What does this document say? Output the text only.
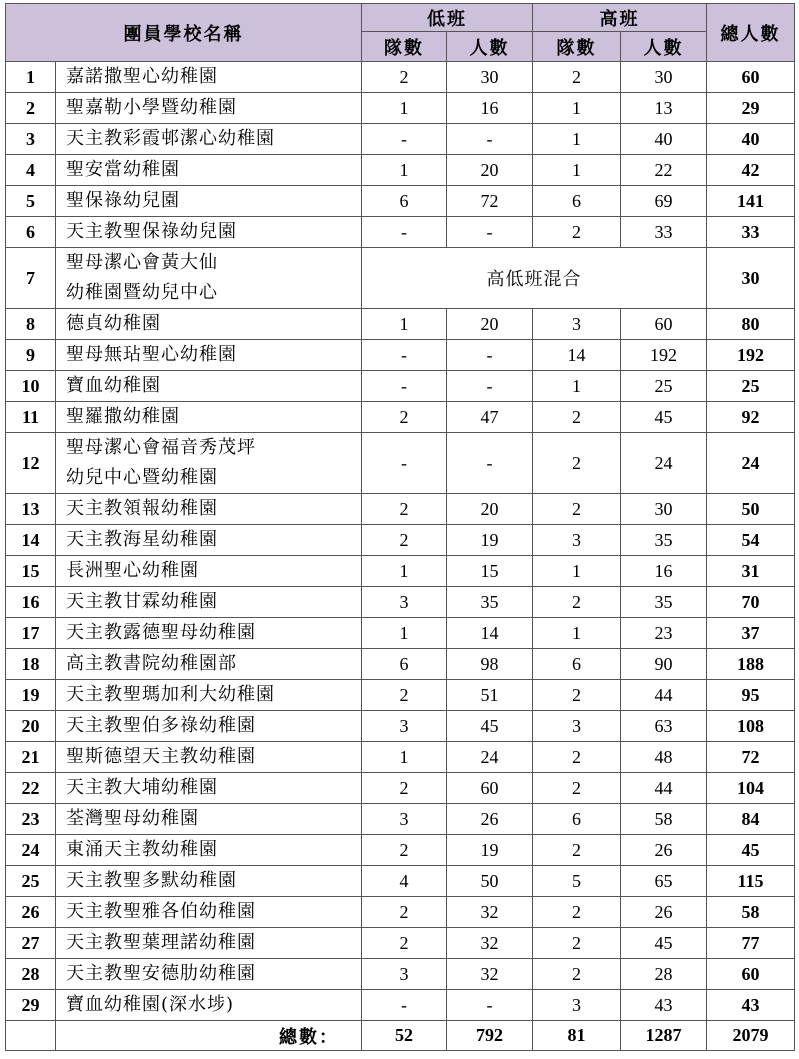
團員學校名稱		低班		高班		總人數
		隊數	人數	隊數	人數	
1	嘉諾撒聖心幼稚園	2	30	2	30	60
2	聖嘉勒小學暨幼稚園	1	16	1	13	29
3	天主教彩霞邨潔心幼稚園	-	-	1	40	40
4	聖安當幼稚園	1	20	1	22	42
5	聖保祿幼兒園	6	72	6	69	141
6	天主教聖保祿幼兒園	-	-	2	33	33
7	聖母潔心會黃大仙
幼稚園暨幼兒中心	高低班混合				30
8	德貞幼稚園	1	20	3	60	80
9	聖母無玷聖心幼稚園	-	-	14	192	192
10	寶血幼稚園	-	-	1	25	25
11	聖羅撒幼稚園	2	47	2	45	92
12	聖母潔心會福音秀茂坪
幼兒中心暨幼稚園	-	-	2	24	24
13	天主教領報幼稚園	2	20	2	30	50
14	天主教海星幼稚園	2	19	3	35	54
15	長洲聖心幼稚園	1	15	1	16	31
16	天主教甘霖幼稚園	3	35	2	35	70
17	天主教露德聖母幼稚園	1	14	1	23	37
18	高主教書院幼稚園部	6	98	6	90	188
19	天主教聖瑪加利大幼稚園	2	51	2	44	95
20	天主教聖伯多祿幼稚園	3	45	3	63	108
21	聖斯德望天主教幼稚園	1	24	2	48	72
22	天主教大埔幼稚園	2	60	2	44	104
23	荃灣聖母幼稚園	3	26	6	58	84
24	東涌天主教幼稚園	2	19	2	26	45
25	天主教聖多默幼稚園	4	50	5	65	115
26	天主教聖雅各伯幼稚園	2	32	2	26	58
27	天主教聖葉理諾幼稚園	2	32	2	45	77
28	天主教聖安德肋幼稚園	3	32	2	28	60
29	寶血幼稚園(深水埗)	-	-	3	43	43
	總數：	52	792	81	1287	2079
